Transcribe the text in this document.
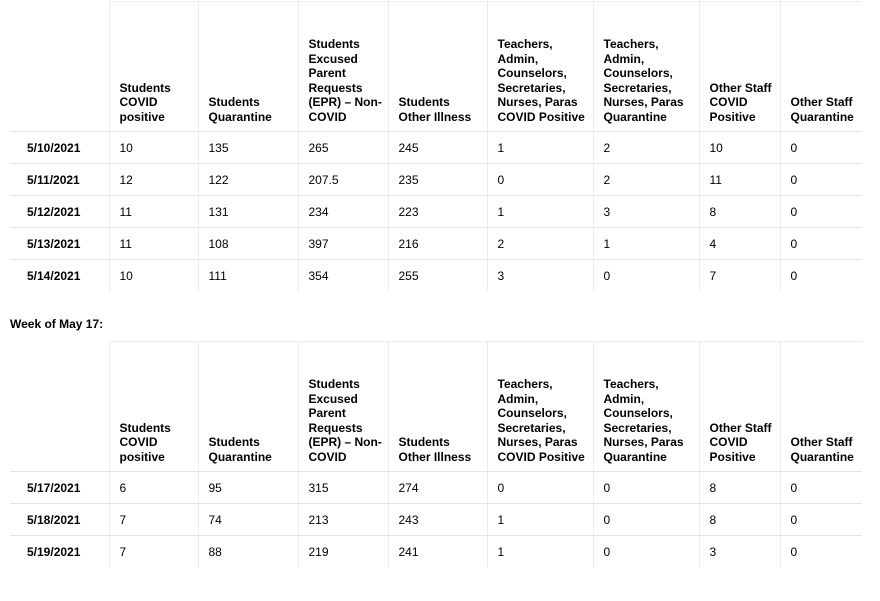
	Students COVID positive	Students Quarantine	Students Excused Parent Requests (EPR) – Non-COVID	Students Other Illness	Teachers, Admin, Counselors, Secretaries, Nurses, Paras COVID Positive	Teachers, Admin, Counselors, Secretaries, Nurses, Paras Quarantine	Other Staff COVID Positive	Other Staff Quarantine
5/10/2021	10	135	265	245	1	2	10	0
5/11/2021	12	122	207.5	235	0	2	11	0
5/12/2021	11	131	234	223	1	3	8	0
5/13/2021	11	108	397	216	2	1	4	0
5/14/2021	10	111	354	255	3	0	7	0
Week of May 17:
	Students COVID positive	Students Quarantine	Students Excused Parent Requests (EPR) – Non-COVID	Students Other Illness	Teachers, Admin, Counselors, Secretaries, Nurses, Paras COVID Positive	Teachers, Admin, Counselors, Secretaries, Nurses, Paras Quarantine	Other Staff COVID Positive	Other Staff Quarantine
5/17/2021	6	95	315	274	0	0	8	0
5/18/2021	7	74	213	243	1	0	8	0
5/19/2021	7	88	219	241	1	0	3	0
